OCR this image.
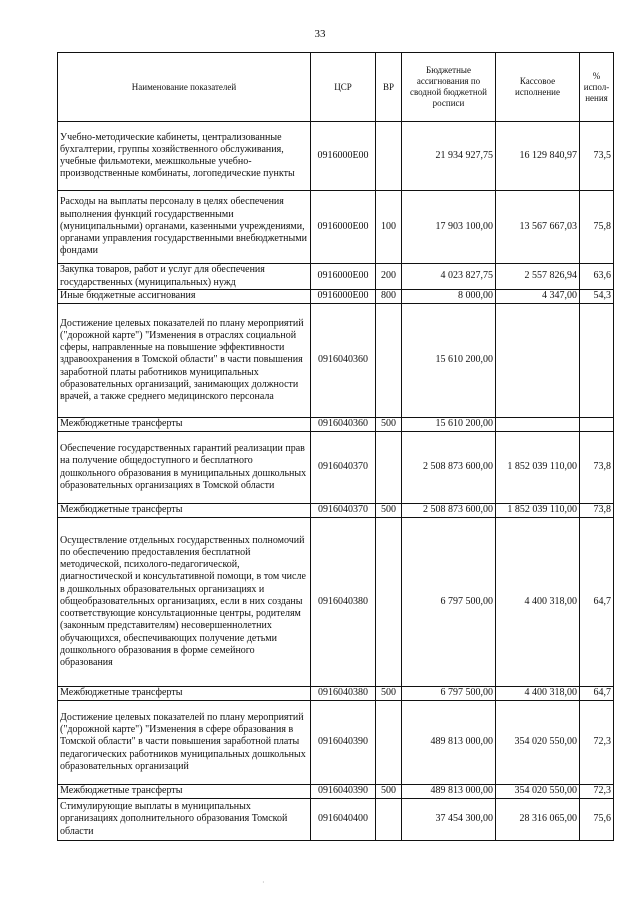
33
Наименование показателей	ЦСР	ВР	Бюджетные ассигнования по сводной бюджетной росписи	Кассовое исполнение	% испол-нения
Учебно-методические кабинеты, централизованные бухгалтерии, группы хозяйственного обслуживания, учебные фильмотеки, межшкольные учебно-производственные комбинаты, логопедические пункты	0916000Е00		21 934 927,75	16 129 840,97	73,5
Расходы на выплаты персоналу в целях обеспечения выполнения функций государственными (муниципальными) органами, казенными учреждениями, органами управления государственными внебюджетными фондами	0916000Е00	100	17 903 100,00	13 567 667,03	75,8
Закупка товаров, работ и услуг для обеспечения государственных (муниципальных) нужд	0916000Е00	200	4 023 827,75	2 557 826,94	63,6
Иные бюджетные ассигнования	0916000Е00	800	8 000,00	4 347,00	54,3
Достижение целевых показателей по плану мероприятий ("дорожной карте") "Изменения в отраслях социальной сферы, направленные на повышение эффективности здравоохранения в Томской области" в части повышения заработной платы работников муниципальных образовательных организаций, занимающих должности врачей, а также среднего медицинского персонала	0916040360		15 610 200,00		
Межбюджетные трансферты	0916040360	500	15 610 200,00		
Обеспечение государственных гарантий реализации прав на получение общедоступного и бесплатного дошкольного образования в муниципальных дошкольных образовательных организациях в Томской области	0916040370		2 508 873 600,00	1 852 039 110,00	73,8
Межбюджетные трансферты	0916040370	500	2 508 873 600,00	1 852 039 110,00	73,8
Осуществление отдельных государственных полномочий по обеспечению предоставления бесплатной методической, психолого-педагогической, диагностической и консультативной помощи, в том числе в дошкольных образовательных организациях и общеобразовательных организациях, если в них созданы соответствующие консультационные центры, родителям (законным представителям) несовершеннолетних обучающихся, обеспечивающих получение детьми дошкольного образования в форме семейного образования	0916040380		6 797 500,00	4 400 318,00	64,7
Межбюджетные трансферты	0916040380	500	6 797 500,00	4 400 318,00	64,7
Достижение целевых показателей по плану мероприятий ("дорожной карте") "Изменения в сфере образования в Томской области" в части повышения заработной платы педагогических работников муниципальных дошкольных образовательных организаций	0916040390		489 813 000,00	354 020 550,00	72,3
Межбюджетные трансферты	0916040390	500	489 813 000,00	354 020 550,00	72,3
Стимулирующие выплаты в муниципальных организациях дополнительного образования Томской области	0916040400		37 454 300,00	28 316 065,00	75,6
·
